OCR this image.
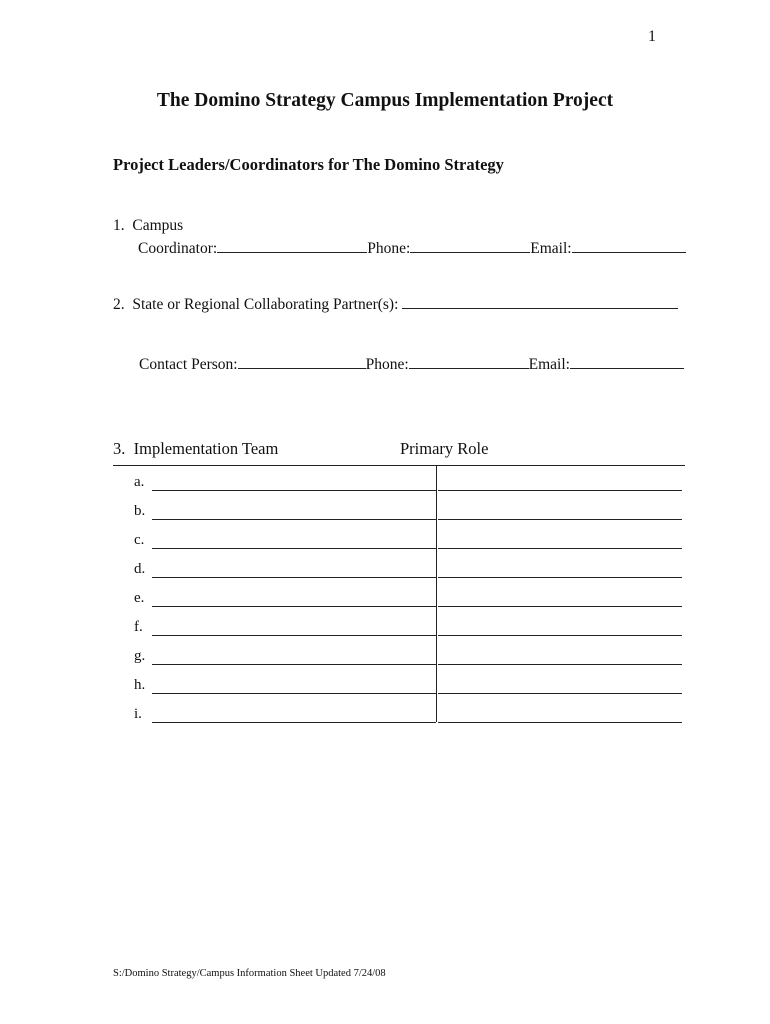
1
The Domino Strategy Campus Implementation Project
Project Leaders/Coordinators for The Domino Strategy
1. Campus
Coordinator:	Phone:	Email:
2. State or Regional Collaborating Partner(s):
Contact Person:	Phone:	Email:
3. Implementation Team	Primary Role
a.
b.
c.
d.
e.
f.
g.
h.
i.
S:/Domino Strategy/Campus Information Sheet Updated 7/24/08
